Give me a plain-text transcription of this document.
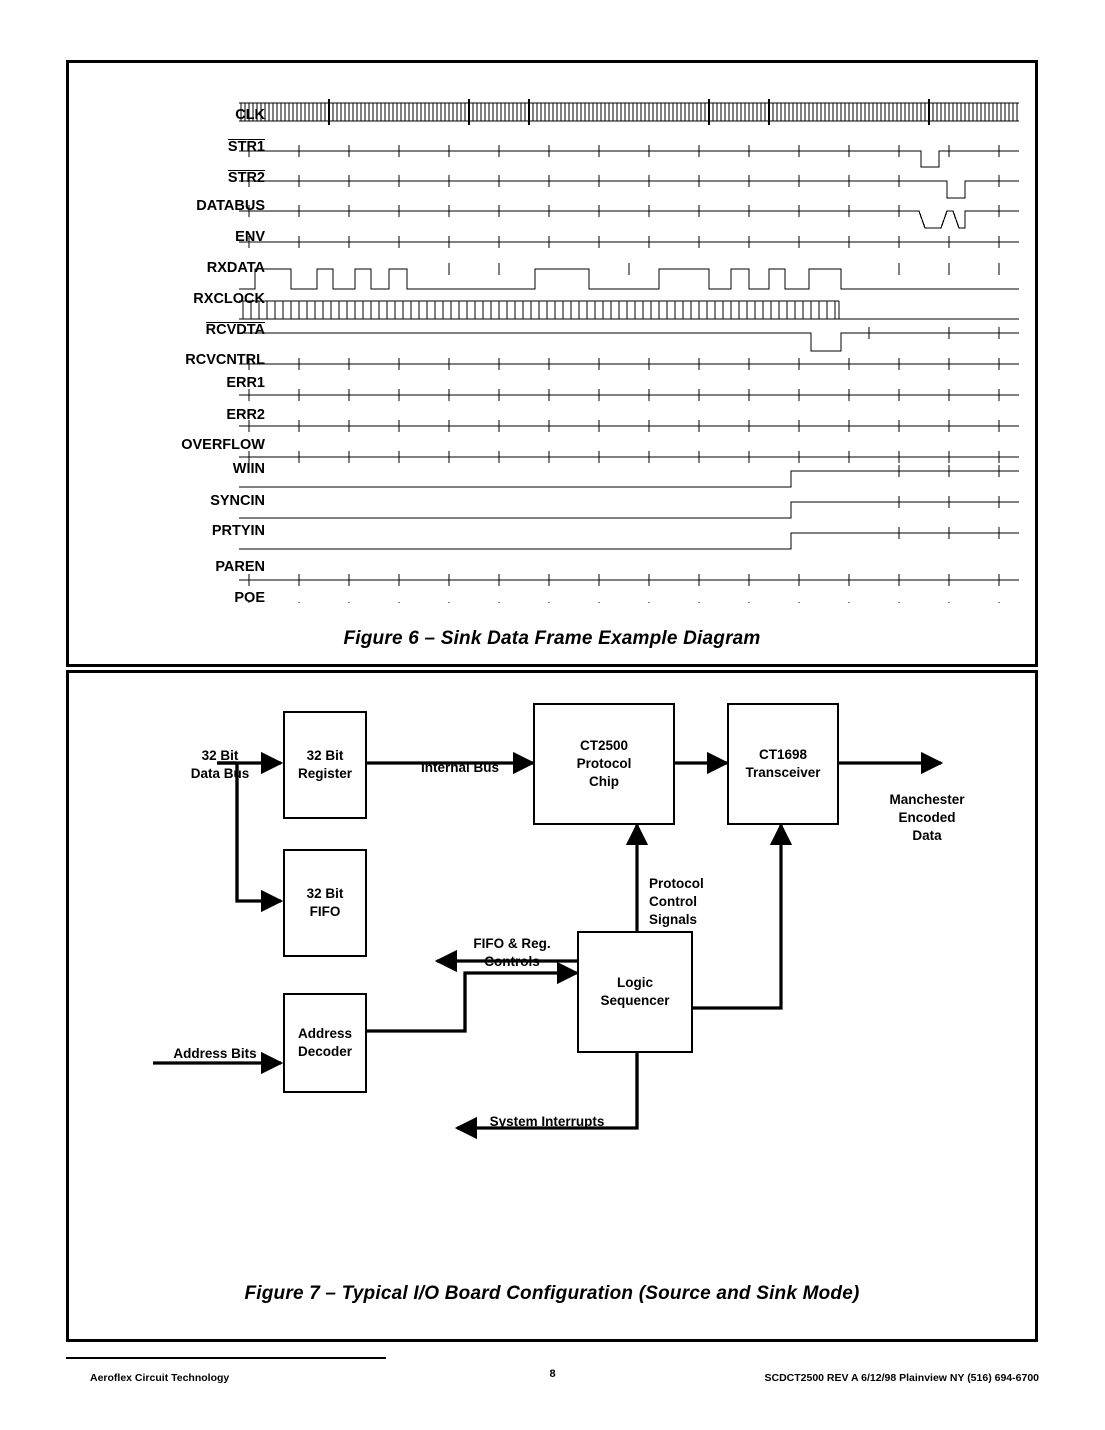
CLK
STR1
STR2
DATABUS
ENV
RXDATA
RXCLOCK
RCVDTA
RCVCNTRL
ERR1
ERR2
OVERFLOW
WIIN
SYNCIN
PRTYIN
PAREN
POE
Figure 6 – Sink Data Frame Example Diagram
32 Bit
Register
32 Bit
FIFO
Address
Decoder
CT2500
Protocol
Chip
CT1698
Transceiver
Logic
Sequencer

32 Bit
Data Bus	Internal Bus

Manchester
Encoded
Data

Protocol
Control
Signals

FIFO & Reg.
Controls

Address Bits

System Interrupts

Figure 7 – Typical I/O Board Configuration (Source and Sink Mode)
Aeroflex Circuit Technology	8	SCDCT2500 REV A 6/12/98 Plainview NY (516) 694-6700
